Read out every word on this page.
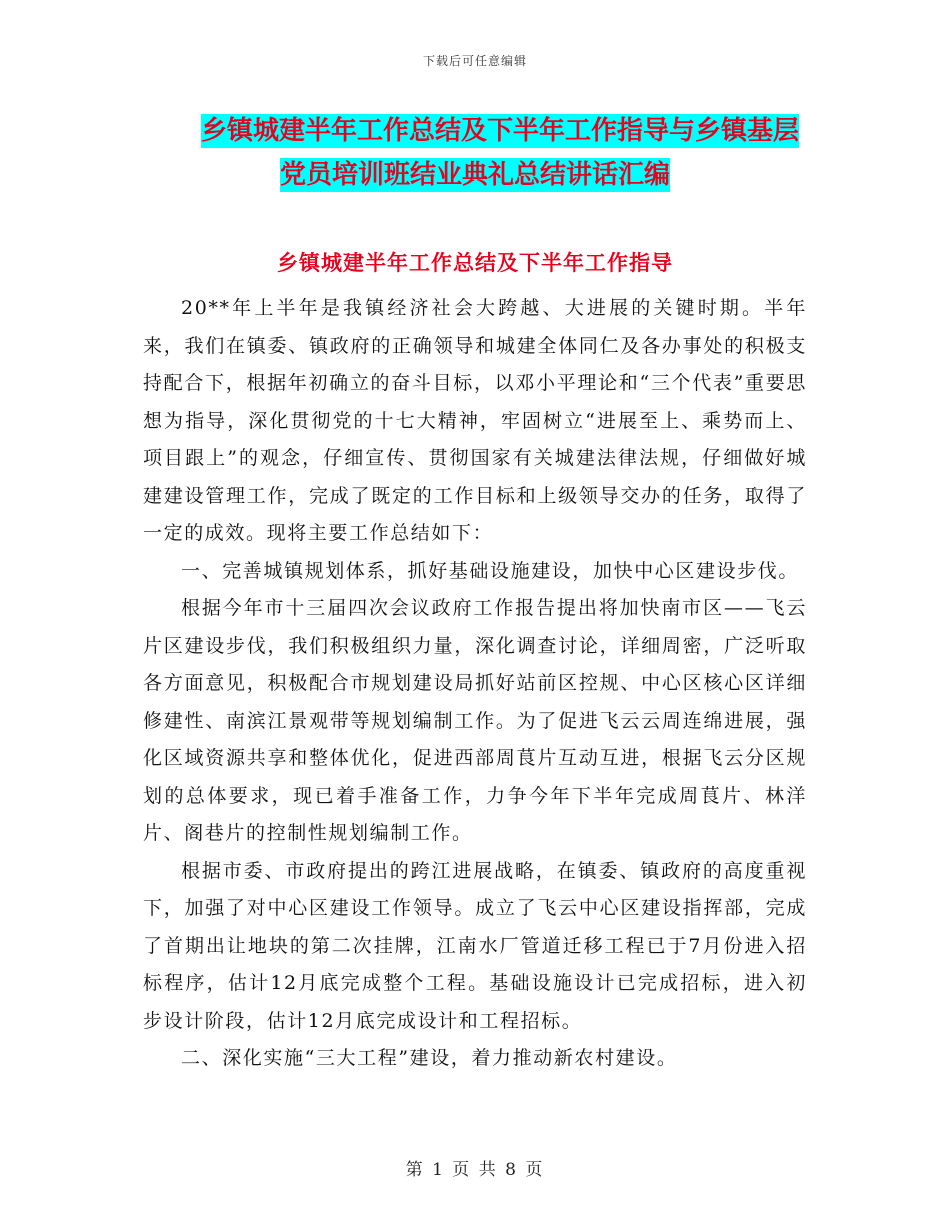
下载后可任意编辑
乡镇城建半年工作总结及下半年工作指导与乡镇基层
党员培训班结业典礼总结讲话汇编
乡镇城建半年工作总结及下半年工作指导

20**年上半年是我镇经济社会大跨越、大进展的关键时期。半年来，我们在镇委、镇政府的正确领导和城建全体同仁及各办事处的积极支持配合下，根据年初确立的奋斗目标，以邓小平理论和“三个代表”重要思想为指导，深化贯彻党的十七大精神，牢固树立“进展至上、乘势而上、项目跟上”的观念，仔细宣传、贯彻国家有关城建法律法规，仔细做好城建建设管理工作，完成了既定的工作目标和上级领导交办的任务，取得了一定的成效。现将主要工作总结如下：

一、完善城镇规划体系，抓好基础设施建设，加快中心区建设步伐。

根据今年市十三届四次会议政府工作报告提出将加快南市区——飞云片区建设步伐，我们积极组织力量，深化调查讨论，详细周密，广泛听取各方面意见，积极配合市规划建设局抓好站前区控规、中心区核心区详细修建性、南滨江景观带等规划编制工作。为了促进飞云云周连绵进展，强化区域资源共享和整体优化，促进西部周茛片互动互进，根据飞云分区规划的总体要求，现已着手准备工作，力争今年下半年完成周茛片、林洋片、阁巷片的控制性规划编制工作。

根据市委、市政府提出的跨江进展战略，在镇委、镇政府的高度重视下，加强了对中心区建设工作领导。成立了飞云中心区建设指挥部，完成了首期出让地块的第二次挂牌，江南水厂管道迁移工程已于7月份进入招标程序，估计12月底完成整个工程。基础设施设计已完成招标，进入初步设计阶段，估计12月底完成设计和工程招标。

二、深化实施“三大工程”建设，着力推动新农村建设。

第 1 页 共 8 页
